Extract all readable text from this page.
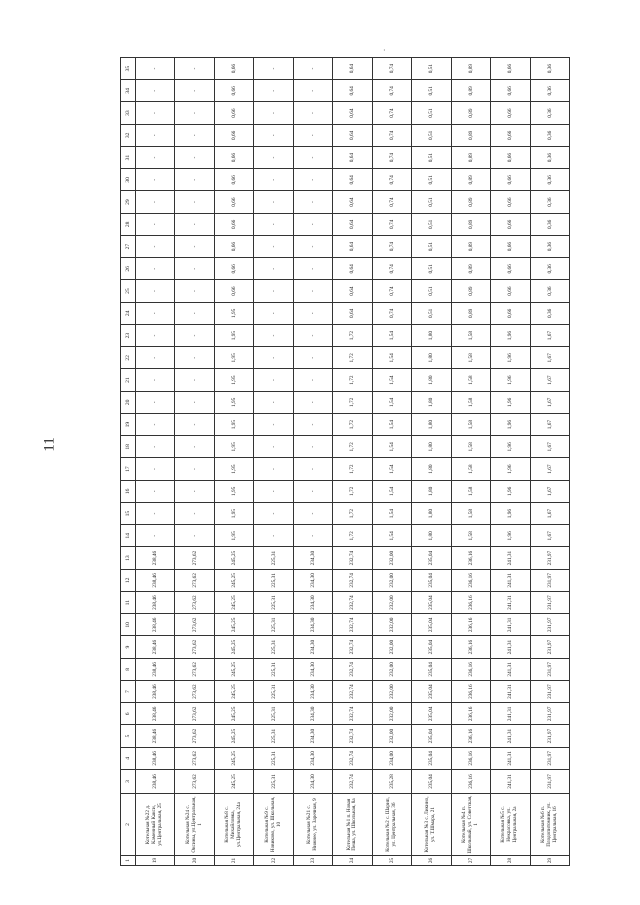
11
·
1	2	3	4	5	6	7	8	9	10	11	12	13	14	15	16	17	18	19	20	21	22	23	24	25	26	27	28	29	30	31	32	33	34	35
19	Котельная №22 д. Каменный Какси, ул.Центральная, 25	238,46	238,46	238,46	238,46	238,46	238,46	238,46	238,46	238,46	238,46	238,46	-	-	-	-	-	-	-	-	-	-	-	-	-	-	-	-	-	-	-	-	-	-
20	Котельная №24 с. Оксины, ул.Центральная, 1	273,62	273,62	273,62	273,62	273,62	273,62	273,62	273,62	273,62	273,62	273,62	-	-	-	-	-	-	-	-	-	-	-	-	-	-	-	-	-	-	-	-	-	-
21	Котельная №8 с. Михайловка, ул.Центральная, 24а	245,25	245,25	245,25	245,25	245,25	245,25	245,25	245,25	245,25	245,25	245,25	1,95	1,95	1,95	1,95	1,95	1,95	1,95	1,95	1,95	1,95	1,95	0,66	0,66	0,66	0,66	0,66	0,66	0,66	0,66	0,66	0,66	0,66
22	Котельная №9 с. Новиково, ул. Школьная, 10	225,31	225,31	225,31	225,31	225,31	225,31	225,31	225,31	225,31	225,31	225,31	-	-	-	-	-	-	-	-	-	-	-	-	-	-	-	-	-	-	-	-	-	-
23	Котельная №21 с. Нижнее, ул. Заречная, 9	234,30	234,30	234,30	234,30	234,30	234,30	234,30	234,30	234,30	234,30	234,30	-	-	-	-	-	-	-	-	-	-	-	-	-	-	-	-	-	-	-	-	-	-
24	Котельная №1 п. Новая Пеша, ул. Школьная, 8а	232,74	232,74	232,74	232,74	232,74	232,74	232,74	232,74	232,74	232,74	232,74	1,72	1,72	1,72	1,72	1,72	1,72	1,72	1,72	1,72	1,72	0,64	0,64	0,64	0,64	0,64	0,64	0,64	0,64	0,64	0,64	0,64	0,64
25	Котельная №2 с. Шарип, ул. Центральная, 36	235,28	234,00	232,00	232,00	232,00	232,00	232,00	232,00	232,00	232,00	232,00	1,54	1,54	1,54	1,54	1,54	1,54	1,54	1,54	1,54	1,54	0,74	0,74	0,74	0,74	0,74	0,74	0,74	0,74	0,74	0,74	0,74	0,74
26	Котельная №3 с. Ликино, ул. Т.Шмара, 21	235,04	235,04	235,04	235,04	235,04	235,04	235,04	235,04	235,04	235,04	235,04	1,80	1,80	1,80	1,80	1,80	1,80	1,80	1,80	1,80	1,80	0,51	0,51	0,51	0,51	0,51	0,51	0,51	0,51	0,51	0,51	0,51	0,51
27	Котельная №4 п. Школьный, ул. Советская, 1	236,16	236,16	236,16	236,16	236,16	236,16	236,16	236,16	236,16	236,16	236,16	1,58	1,58	1,58	1,58	1,58	1,58	1,58	1,58	1,58	1,58	0,89	0,89	0,89	0,89	0,89	0,89	0,89	0,89	0,89	0,89	0,89	0,89
28	Котельная №5 с. Некрасовка, ул. Центральная, 2а	241,31	241,31	241,31	241,31	241,31	241,31	241,31	241,31	241,31	241,31	241,31	1,96	1,96	1,96	1,96	1,96	1,96	1,96	1,96	1,96	1,96	0,66	0,66	0,66	0,66	0,66	0,66	0,66	0,66	0,66	0,66	0,66	0,66
29	Котельная №6 п. Плодопитомник, ул. Центральная, 16	231,97	231,97	231,97	231,97	231,97	231,97	231,97	231,97	231,97	231,97	231,97	1,67	1,67	1,67	1,67	1,67	1,67	1,67	1,67	1,67	1,67	0,36	0,36	0,36	0,36	0,36	0,36	0,36	0,36	0,36	0,36	0,36	0,36
